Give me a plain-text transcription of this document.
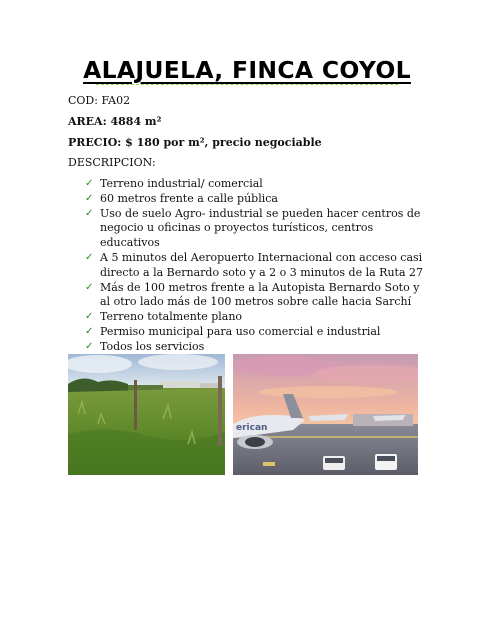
ALAJUELA, FINCA COYOL
COD: FA02
AREA: 4884 m²
PRECIO: $ 180 por m², precio negociable
DESCRIPCION:
✓ Terreno industrial/ comercial
✓ 60 metros frente a calle pública
✓ Uso de suelo Agro- industrial se pueden hacer centros de negocio u oficinas o proyectos turísticos, centros educativos
✓ A 5 minutos del Aeropuerto Internacional con acceso casi directo a la Bernardo soto y a 2 o 3 minutos de la Ruta 27
✓ Más de 100 metros frente a la Autopista Bernardo Soto y al otro lado más de 100 metros sobre calle hacia Sarchí
✓ Terreno totalmente plano
✓ Permiso municipal para uso comercial e industrial
✓ Todos los servicios
erican
